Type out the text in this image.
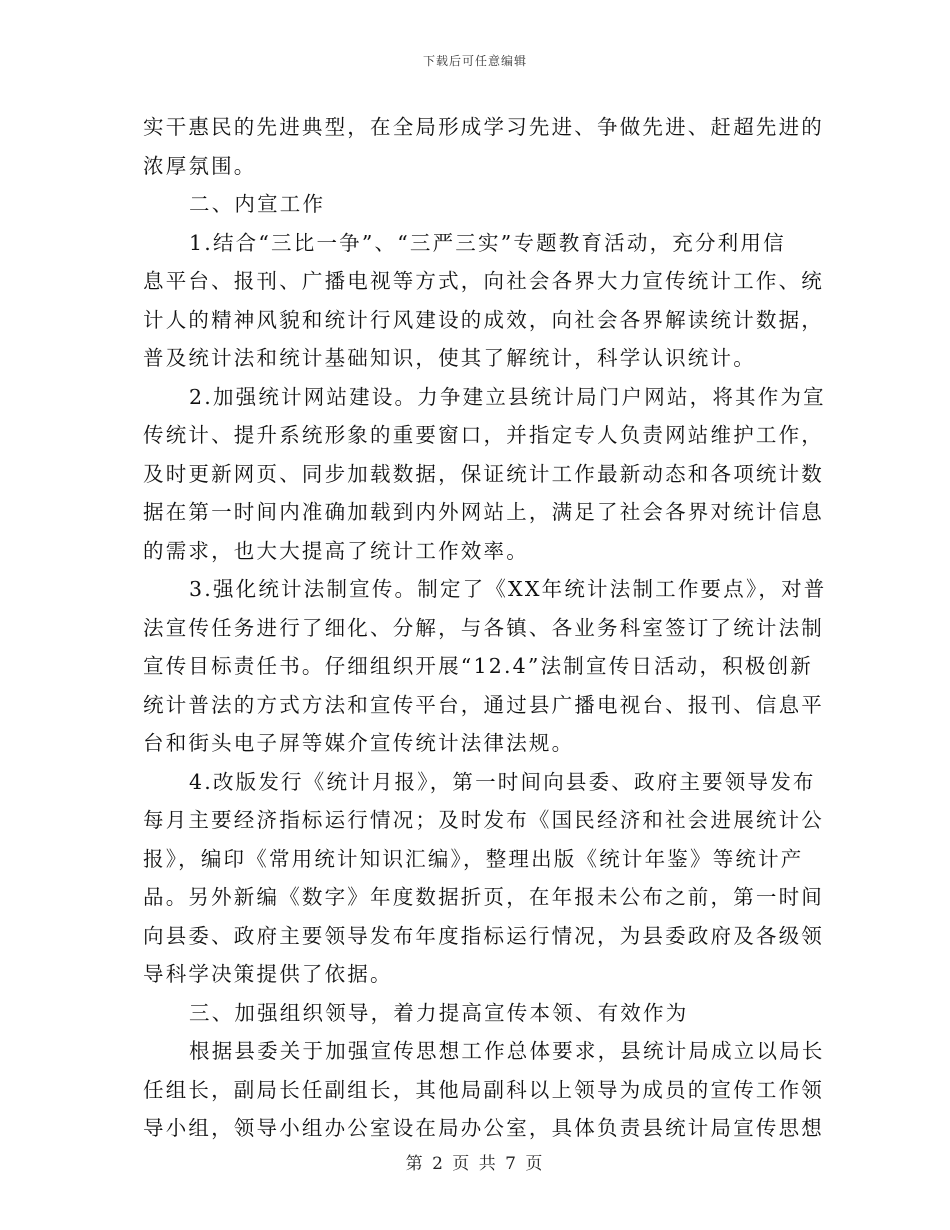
下载后可任意编辑
实干惠民的先进典型，在全局形成学习先进、争做先进、赶超先进的
浓厚氛围。
二、内宣工作
1.结合“三比一争”、“三严三实”专题教育活动，充分利用信
息平台、报刊、广播电视等方式，向社会各界大力宣传统计工作、统
计人的精神风貌和统计行风建设的成效，向社会各界解读统计数据，
普及统计法和统计基础知识，使其了解统计，科学认识统计。
2.加强统计网站建设。力争建立县统计局门户网站，将其作为宣
传统计、提升系统形象的重要窗口，并指定专人负责网站维护工作，
及时更新网页、同步加载数据，保证统计工作最新动态和各项统计数
据在第一时间内准确加载到内外网站上，满足了社会各界对统计信息
的需求，也大大提高了统计工作效率。
3.强化统计法制宣传。制定了《XX年统计法制工作要点》，对普
法宣传任务进行了细化、分解，与各镇、各业务科室签订了统计法制
宣传目标责任书。仔细组织开展“12.4”法制宣传日活动，积极创新
统计普法的方式方法和宣传平台，通过县广播电视台、报刊、信息平
台和街头电子屏等媒介宣传统计法律法规。
4.改版发行《统计月报》，第一时间向县委、政府主要领导发布
每月主要经济指标运行情况；及时发布《国民经济和社会进展统计公
报》，编印《常用统计知识汇编》，整理出版《统计年鉴》等统计产
品。另外新编《数字》年度数据折页，在年报未公布之前，第一时间
向县委、政府主要领导发布年度指标运行情况，为县委政府及各级领
导科学决策提供了依据。
三、加强组织领导，着力提高宣传本领、有效作为
根据县委关于加强宣传思想工作总体要求，县统计局成立以局长
任组长，副局长任副组长，其他局副科以上领导为成员的宣传工作领
导小组，领导小组办公室设在局办公室，具体负责县统计局宣传思想
第 2 页 共 7 页
